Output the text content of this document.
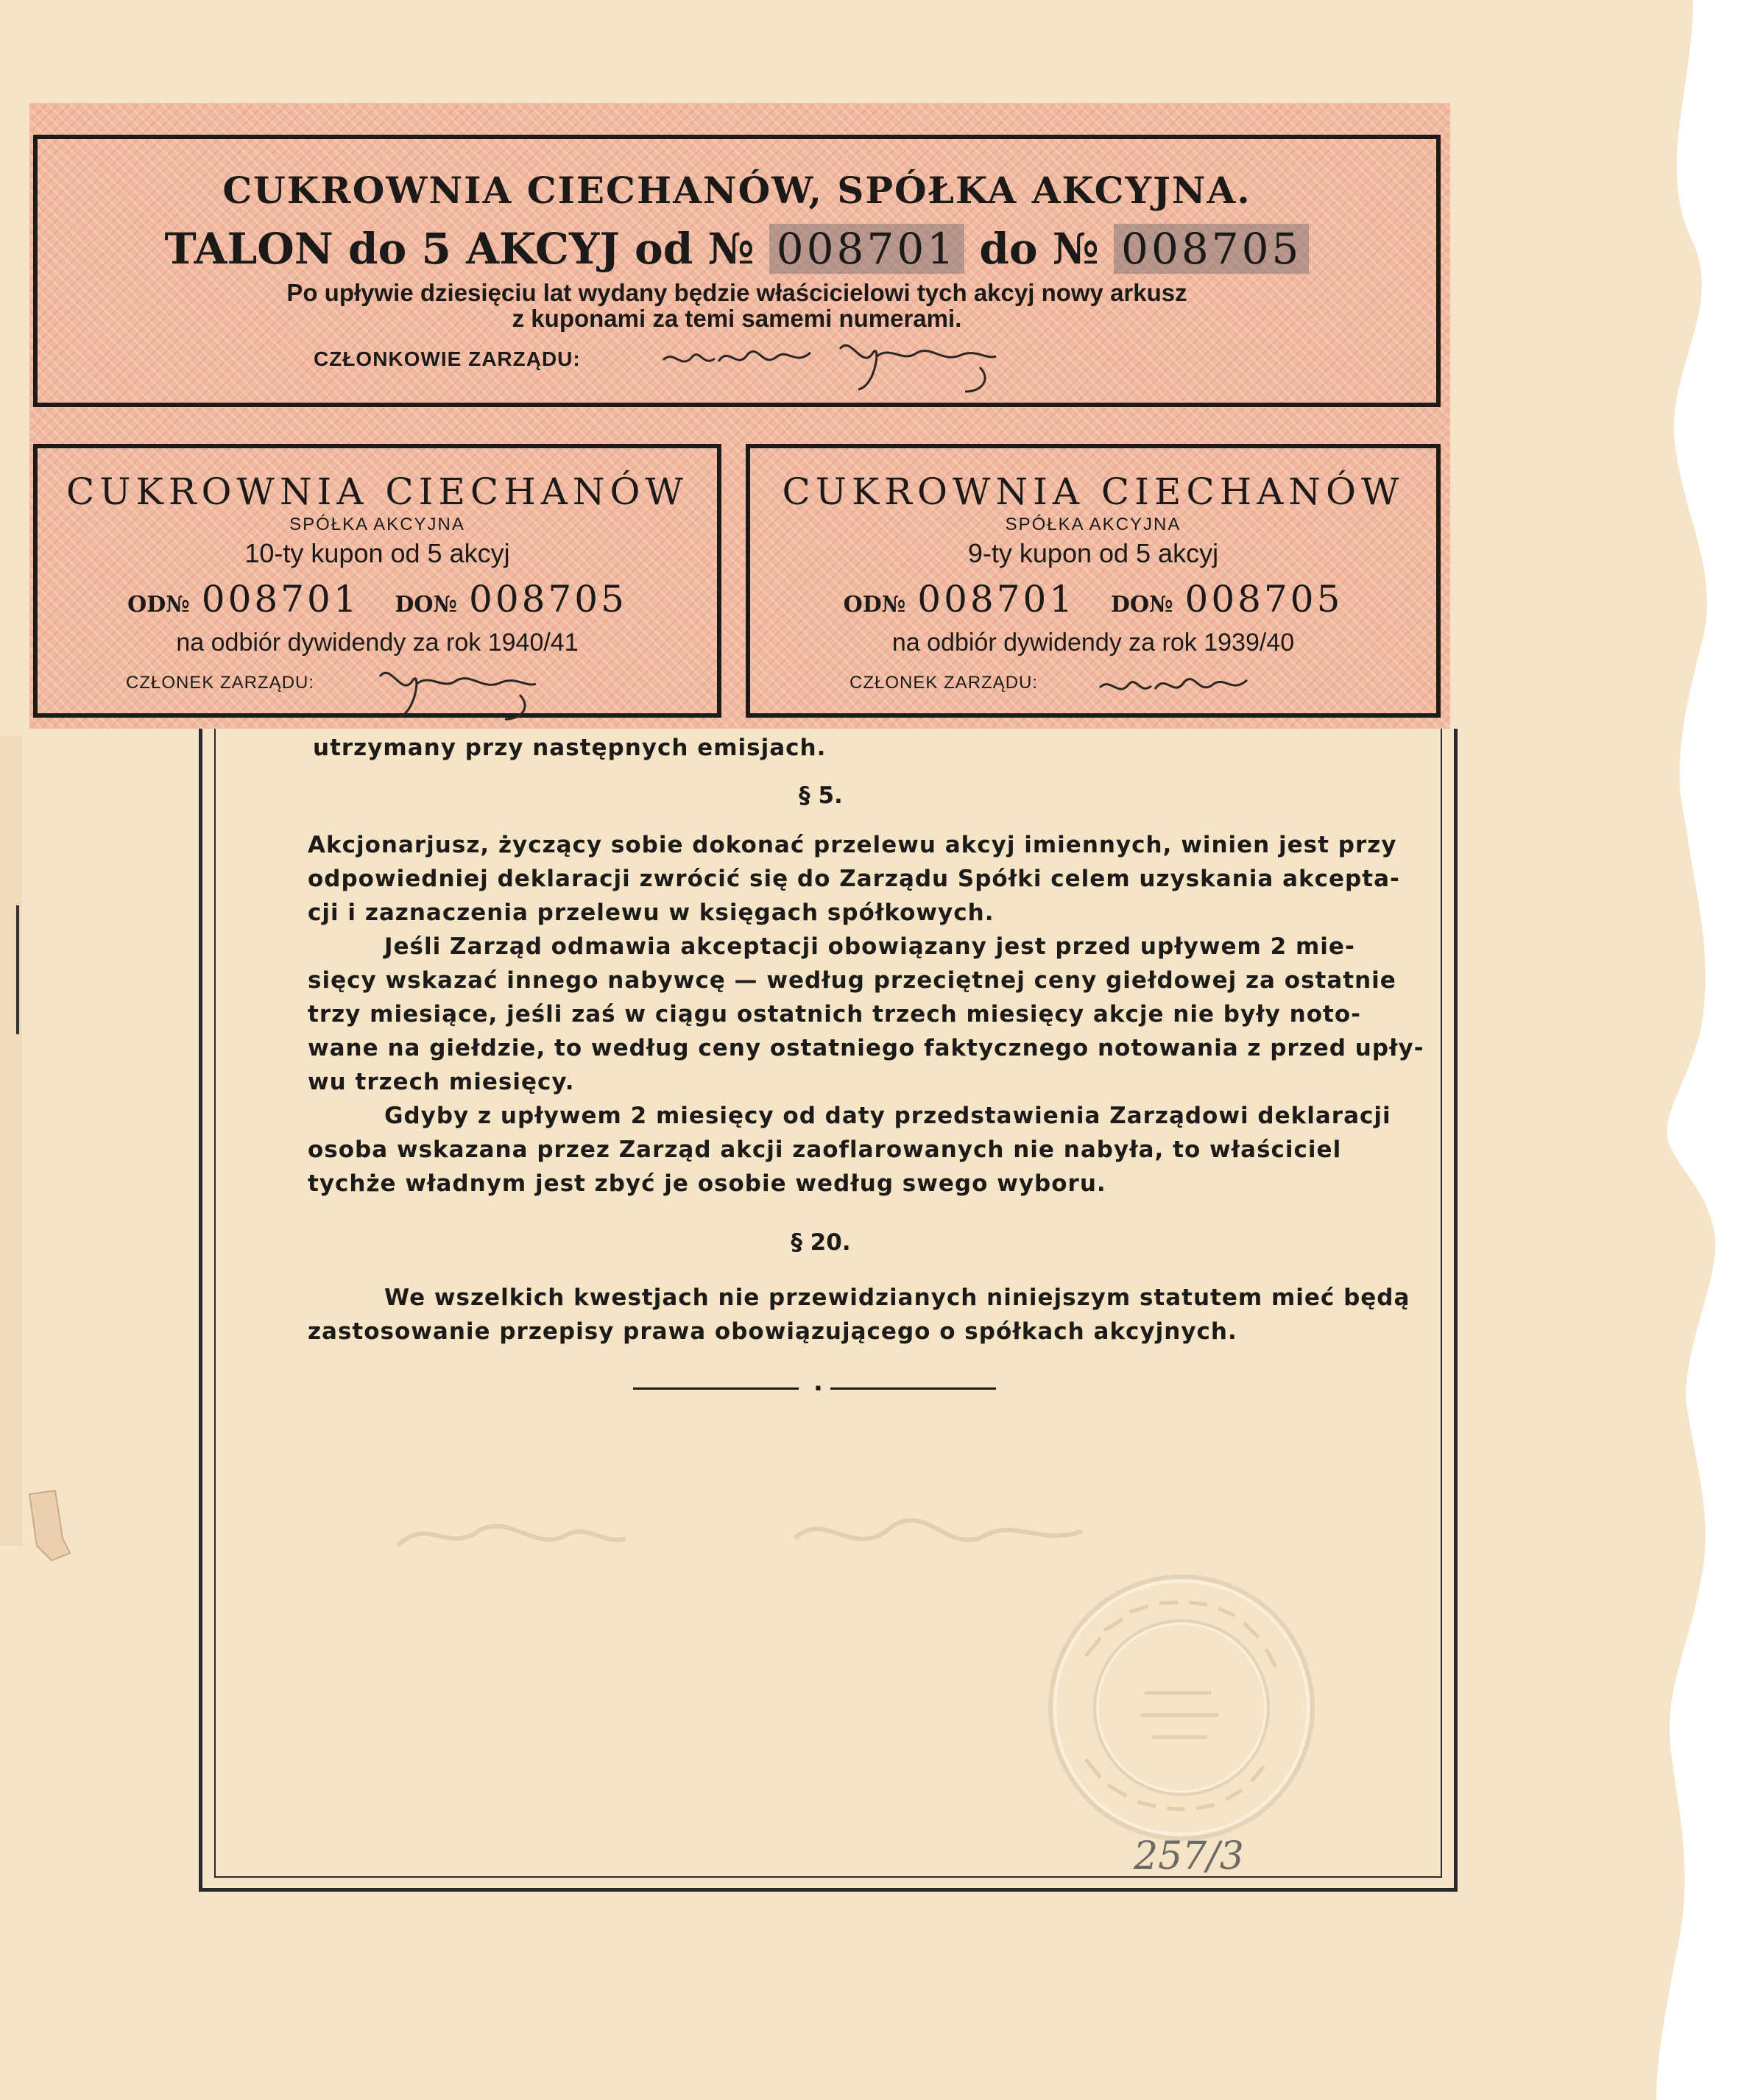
utrzymany przy następnych emisjach.
§ 5.
Akcjonarjusz, życzący sobie dokonać przelewu akcyj imiennych, winien jest przy
odpowiedniej deklaracji zwrócić się do Zarządu Spółki celem uzyskania akcepta-
cji i zaznaczenia przelewu w księgach spółkowych.
Jeśli Zarząd odmawia akceptacji obowiązany jest przed upływem 2 mie-
sięcy wskazać innego nabywcę — według przeciętnej ceny giełdowej za ostatnie
trzy miesiące, jeśli zaś w ciągu ostatnich trzech miesięcy akcje nie były noto-
wane na giełdzie, to według ceny ostatniego faktycznego notowania z przed upły-
wu trzech miesięcy.
Gdyby z upływem 2 miesięcy od daty przedstawienia Zarządowi deklaracji
osoba wskazana przez Zarząd akcji zaoflarowanych nie nabyła, to właściciel
tychże władnym jest zbyć je osobie według swego wyboru.
§ 20.
We wszelkich kwestjach nie przewidzianych niniejszym statutem mieć będą
zastosowanie przepisy prawa obowiązującego o spółkach akcyjnych.
.
257/3
CUKROWNIA CIECHANÓW, SPÓŁKA AKCYJNA.
TALON do 5 AKCYJ od № 008701 do № 008705
Po upływie dziesięciu lat wydany będzie właścicielowi tych akcyj nowy arkusz
z kuponami za temi samemi numerami.
CZŁONKOWIE ZARZĄDU:
CUKROWNIA CIECHANÓW
SPÓŁKA AKCYJNA
10-ty kupon od 5 akcyj
OD№ 008701 DO№ 008705
na odbiór dywidendy za rok 1940/41
CZŁONEK ZARZĄDU:
CUKROWNIA CIECHANÓW
SPÓŁKA AKCYJNA
9-ty kupon od 5 akcyj
OD№ 008701 DO№ 008705
na odbiór dywidendy za rok 1939/40
CZŁONEK ZARZĄDU:
